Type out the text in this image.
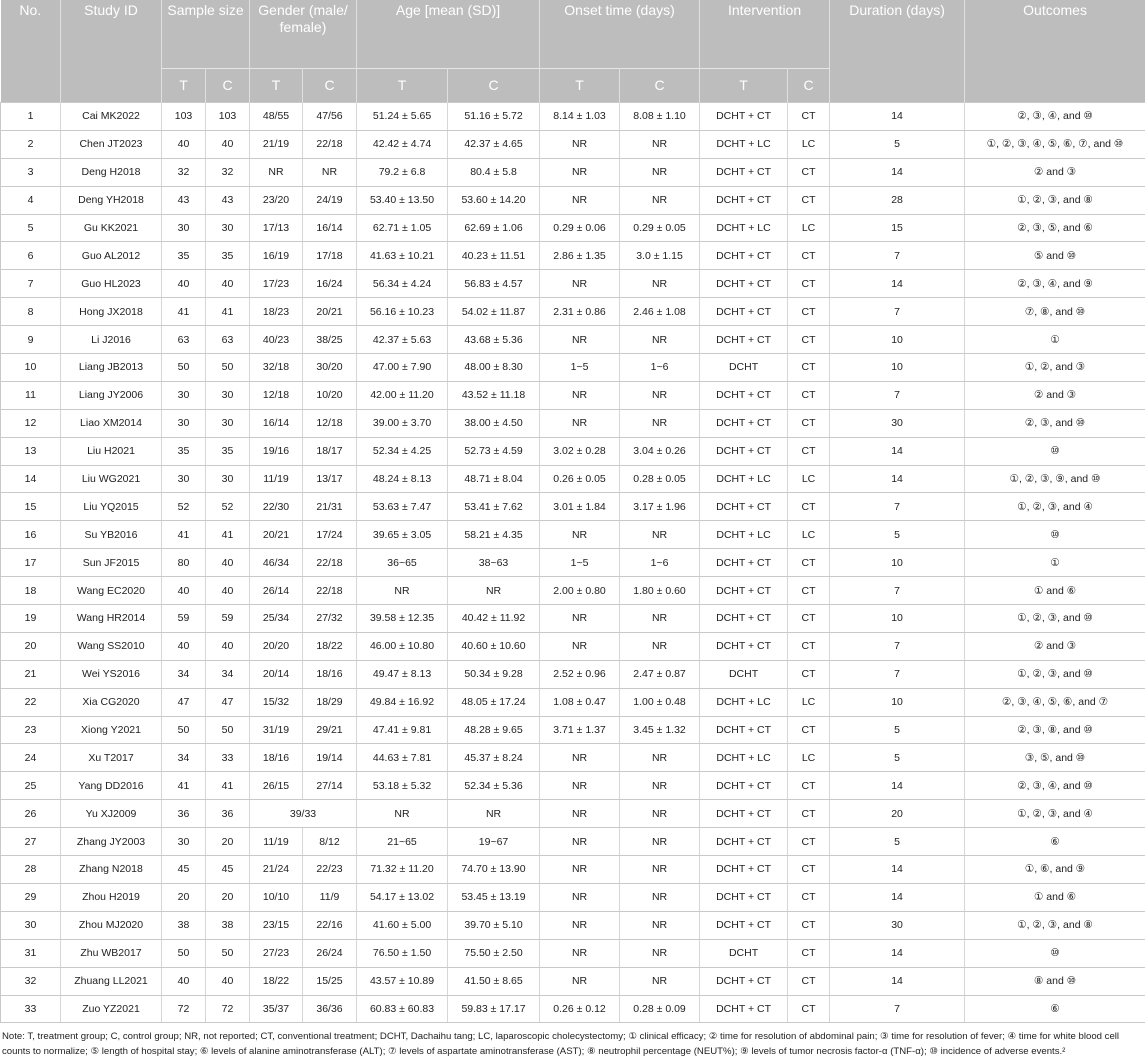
No.	Study ID	Sample size		Gender (male/ female)		Age [mean (SD)]		Onset time (days)		Intervention		Duration (days)	Outcomes
		T	C	T	C	T	C	T	C	T	C		
1	Cai MK2022	103	103	48/55	47/56	51.24 ± 5.65	51.16 ± 5.72	8.14 ± 1.03	8.08 ± 1.10	DCHT + CT	CT	14	②, ③, ④, and ⑩
2	Chen JT2023	40	40	21/19	22/18	42.42 ± 4.74	42.37 ± 4.65	NR	NR	DCHT + LC	LC	5	①, ②, ③, ④, ⑤, ⑥, ⑦, and ⑩
3	Deng H2018	32	32	NR	NR	79.2 ± 6.8	80.4 ± 5.8	NR	NR	DCHT + CT	CT	14	② and ③
4	Deng YH2018	43	43	23/20	24/19	53.40 ± 13.50	53.60 ± 14.20	NR	NR	DCHT + CT	CT	28	①, ②, ③, and ⑧
5	Gu KK2021	30	30	17/13	16/14	62.71 ± 1.05	62.69 ± 1.06	0.29 ± 0.06	0.29 ± 0.05	DCHT + LC	LC	15	②, ③, ⑤, and ⑥
6	Guo AL2012	35	35	16/19	17/18	41.63 ± 10.21	40.23 ± 11.51	2.86 ± 1.35	3.0 ± 1.15	DCHT + CT	CT	7	⑤ and ⑩
7	Guo HL2023	40	40	17/23	16/24	56.34 ± 4.24	56.83 ± 4.57	NR	NR	DCHT + CT	CT	14	②, ③, ④, and ⑨
8	Hong JX2018	41	41	18/23	20/21	56.16 ± 10.23	54.02 ± 11.87	2.31 ± 0.86	2.46 ± 1.08	DCHT + CT	CT	7	⑦, ⑧, and ⑩
9	Li J2016	63	63	40/23	38/25	42.37 ± 5.63	43.68 ± 5.36	NR	NR	DCHT + CT	CT	10	①
10	Liang JB2013	50	50	32/18	30/20	47.00 ± 7.90	48.00 ± 8.30	1~5	1~6	DCHT	CT	10	①, ②, and ③
11	Liang JY2006	30	30	12/18	10/20	42.00 ± 11.20	43.52 ± 11.18	NR	NR	DCHT + CT	CT	7	② and ③
12	Liao XM2014	30	30	16/14	12/18	39.00 ± 3.70	38.00 ± 4.50	NR	NR	DCHT + CT	CT	30	②, ③, and ⑩
13	Liu H2021	35	35	19/16	18/17	52.34 ± 4.25	52.73 ± 4.59	3.02 ± 0.28	3.04 ± 0.26	DCHT + CT	CT	14	⑩
14	Liu WG2021	30	30	11/19	13/17	48.24 ± 8.13	48.71 ± 8.04	0.26 ± 0.05	0.28 ± 0.05	DCHT + LC	LC	14	①, ②, ③, ⑨, and ⑩
15	Liu YQ2015	52	52	22/30	21/31	53.63 ± 7.47	53.41 ± 7.62	3.01 ± 1.84	3.17 ± 1.96	DCHT + CT	CT	7	①, ②, ③, and ④
16	Su YB2016	41	41	20/21	17/24	39.65 ± 3.05	58.21 ± 4.35	NR	NR	DCHT + LC	LC	5	⑩
17	Sun JF2015	80	40	46/34	22/18	36~65	38~63	1~5	1~6	DCHT + CT	CT	10	①
18	Wang EC2020	40	40	26/14	22/18	NR	NR	2.00 ± 0.80	1.80 ± 0.60	DCHT + CT	CT	7	① and ⑥
19	Wang HR2014	59	59	25/34	27/32	39.58 ± 12.35	40.42 ± 11.92	NR	NR	DCHT + CT	CT	10	①, ②, ③, and ⑩
20	Wang SS2010	40	40	20/20	18/22	46.00 ± 10.80	40.60 ± 10.60	NR	NR	DCHT + CT	CT	7	② and ③
21	Wei YS2016	34	34	20/14	18/16	49.47 ± 8.13	50.34 ± 9.28	2.52 ± 0.96	2.47 ± 0.87	DCHT	CT	7	①, ②, ③, and ⑩
22	Xia CG2020	47	47	15/32	18/29	49.84 ± 16.92	48.05 ± 17.24	1.08 ± 0.47	1.00 ± 0.48	DCHT + LC	LC	10	②, ③, ④, ⑤, ⑥, and ⑦
23	Xiong Y2021	50	50	31/19	29/21	47.41 ± 9.81	48.28 ± 9.65	3.71 ± 1.37	3.45 ± 1.32	DCHT + CT	CT	5	②, ③, ⑧, and ⑩
24	Xu T2017	34	33	18/16	19/14	44.63 ± 7.81	45.37 ± 8.24	NR	NR	DCHT + LC	LC	5	③, ⑤, and ⑩
25	Yang DD2016	41	41	26/15	27/14	53.18 ± 5.32	52.34 ± 5.36	NR	NR	DCHT + CT	CT	14	②, ③, ④, and ⑩
26	Yu XJ2009	36	36	39/33		NR	NR	NR	NR	DCHT + CT	CT	20	①, ②, ③, and ④
27	Zhang JY2003	30	20	11/19	8/12	21~65	19~67	NR	NR	DCHT + CT	CT	5	⑥
28	Zhang N2018	45	45	21/24	22/23	71.32 ± 11.20	74.70 ± 13.90	NR	NR	DCHT + CT	CT	14	①, ⑥, and ⑨
29	Zhou H2019	20	20	10/10	11/9	54.17 ± 13.02	53.45 ± 13.19	NR	NR	DCHT + CT	CT	14	① and ⑥
30	Zhou MJ2020	38	38	23/15	22/16	41.60 ± 5.00	39.70 ± 5.10	NR	NR	DCHT + CT	CT	30	①, ②, ③, and ⑧
31	Zhu WB2017	50	50	27/23	26/24	76.50 ± 1.50	75.50 ± 2.50	NR	NR	DCHT	CT	14	⑩
32	Zhuang LL2021	40	40	18/22	15/25	43.57 ± 10.89	41.50 ± 8.65	NR	NR	DCHT + CT	CT	14	⑧ and ⑩
33	Zuo YZ2021	72	72	35/37	36/36	60.83 ± 60.83	59.83 ± 17.17	0.26 ± 0.12	0.28 ± 0.09	DCHT + CT	CT	7	⑥
Note: T, treatment group; C, control group; NR, not reported; CT, conventional treatment; DCHT, Dachaihu tang; LC, laparoscopic cholecystectomy; ① clinical efficacy; ② time for resolution of abdominal pain; ③ time for resolution of fever; ④ time for white blood cell counts to normalize; ⑤ length of hospital stay; ⑥ levels of alanine aminotransferase (ALT); ⑦ levels of aspartate aminotransferase (AST); ⑧ neutrophil percentage (NEUT%); ⑨ levels of tumor necrosis factor-α (TNF-α); ⑩ incidence of adverse events.²
